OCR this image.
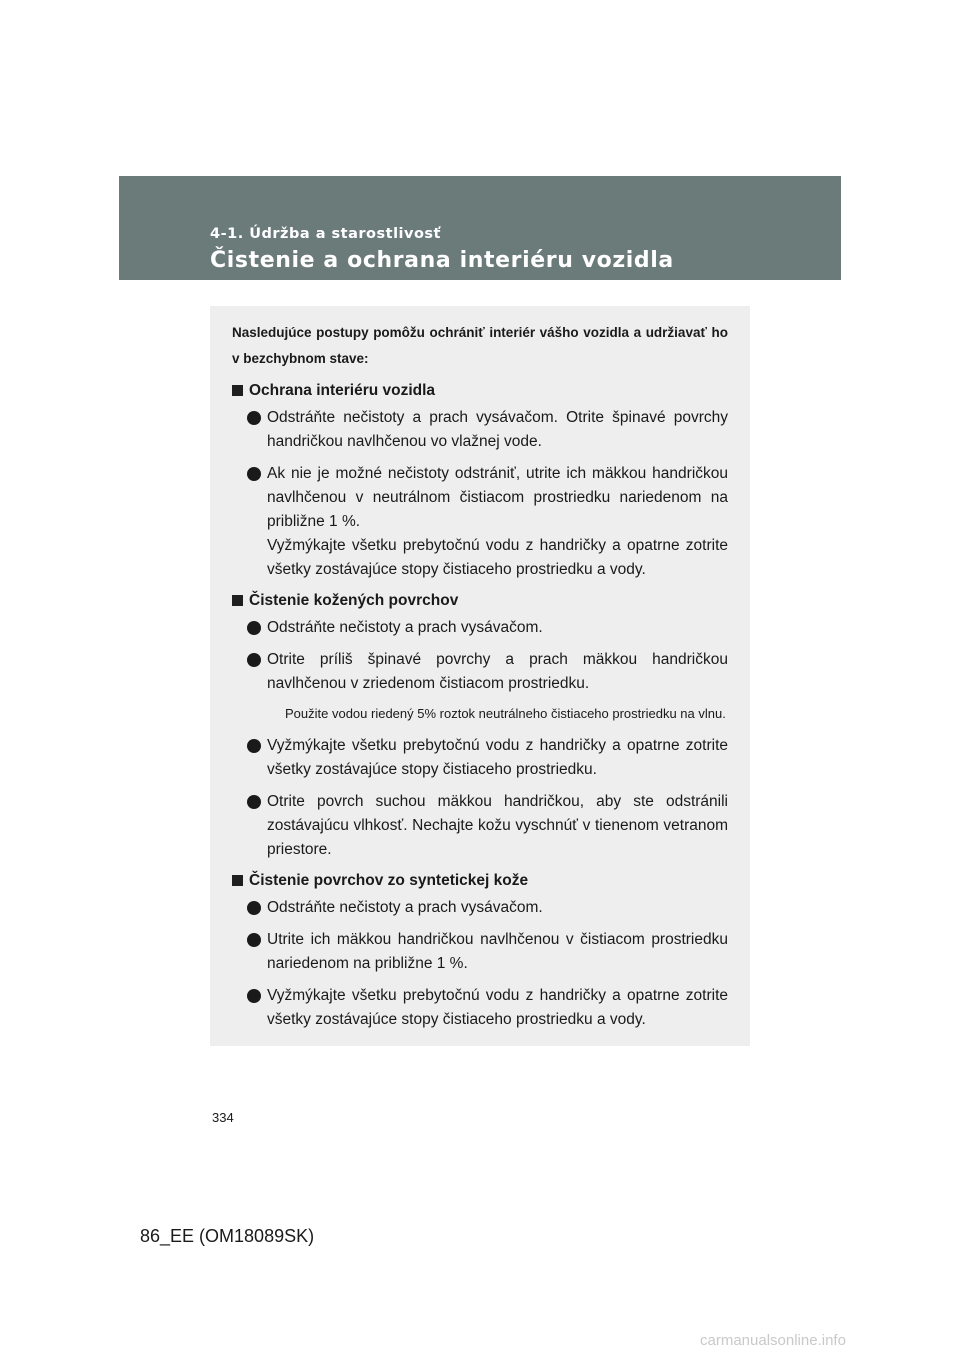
4-1. Údržba a starostlivosť
Čistenie a ochrana interiéru vozidla

Nasledujúce postupy pomôžu ochrániť interiér vášho vozidla a udržiavať ho v bezchybnom stave:

Ochrana interiéru vozidla
Odstráňte nečistoty a prach vysávačom. Otrite špinavé povrchy handričkou navlhčenou vo vlažnej vode.
Ak nie je možné nečistoty odstrániť, utrite ich mäkkou handričkou navlhčenou v neutrálnom čistiacom prostriedku nariedenom na približne 1 %.
Vyžmýkajte všetku prebytočnú vodu z handričky a opatrne zotrite všetky zostávajúce stopy čistiaceho prostriedku a vody.
Čistenie kožených povrchov
Odstráňte nečistoty a prach vysávačom.
Otrite príliš špinavé povrchy a prach mäkkou handričkou navlhčenou v zriedenom čistiacom prostriedku.

Použite vodou riedený 5% roztok neutrálneho čistiaceho prostriedku na vlnu.

Vyžmýkajte všetku prebytočnú vodu z handričky a opatrne zotrite všetky zostávajúce stopy čistiaceho prostriedku.
Otrite povrch suchou mäkkou handričkou, aby ste odstránili zostávajúcu vlhkosť. Nechajte kožu vyschnúť v tienenom vetranom priestore.
Čistenie povrchov zo syntetickej kože
Odstráňte nečistoty a prach vysávačom.
Utrite ich mäkkou handričkou navlhčenou v čistiacom prostriedku nariedenom na približne 1 %.
Vyžmýkajte všetku prebytočnú vodu z handričky a opatrne zotrite všetky zostávajúce stopy čistiaceho prostriedku a vody.
334
86_EE (OM18089SK)
carmanualsonline.info
